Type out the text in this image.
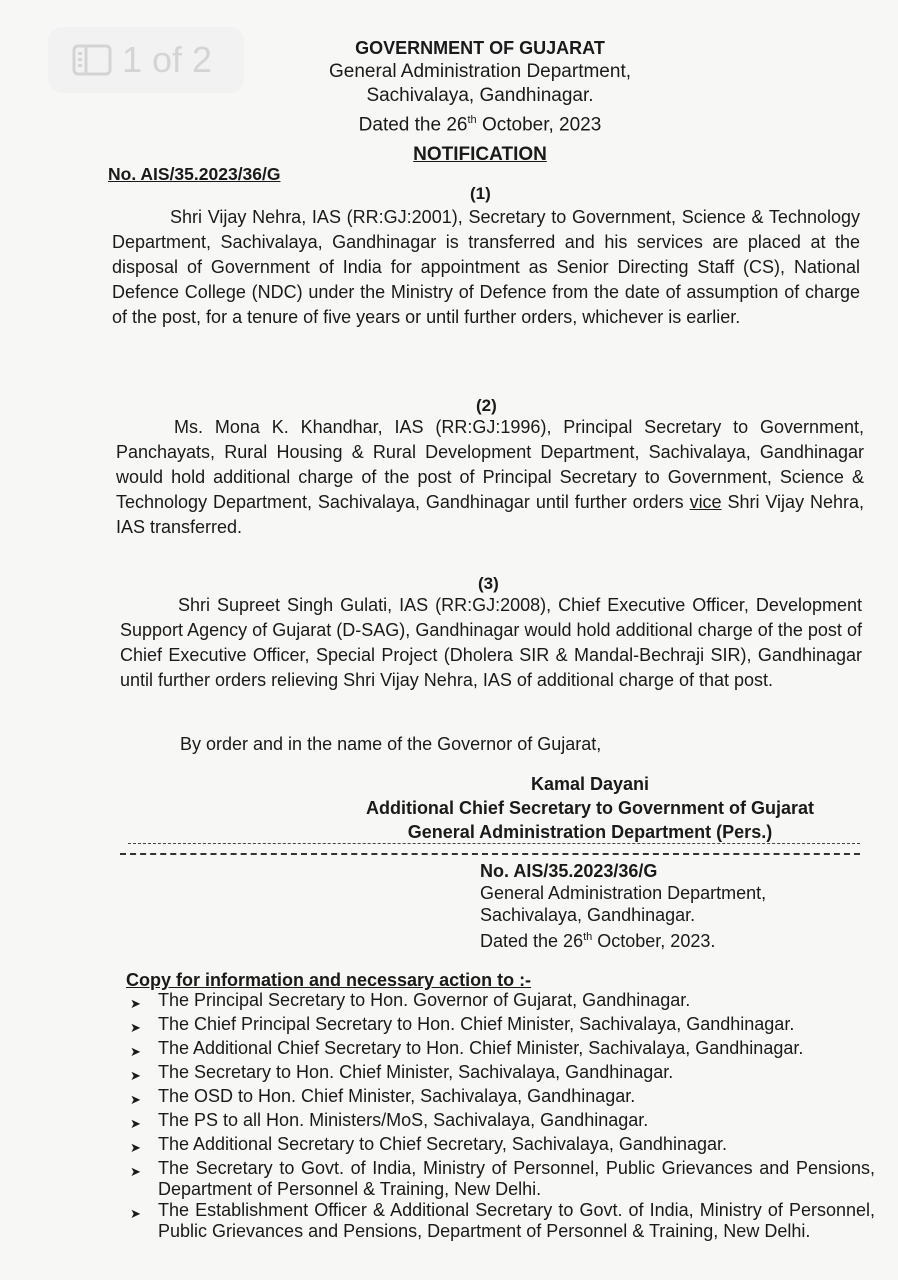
1 of 2	GOVERNMENT OF GUJARAT
General Administration Department,
Sachivalaya, Gandhinagar.
Dated the 26th October, 2023
NOTIFICATION
No. AIS/35.2023/36/G
(1)
Shri Vijay Nehra, IAS (RR:GJ:2001), Secretary to Government, Science & Technology Department, Sachivalaya, Gandhinagar is transferred and his services are placed at the disposal of Government of India for appointment as Senior Directing Staff (CS), National Defence College (NDC) under the Ministry of Defence from the date of assumption of charge of the post, for a tenure of five years or until further orders, whichever is earlier.
(2)
Ms. Mona K. Khandhar, IAS (RR:GJ:1996), Principal Secretary to Government, Panchayats, Rural Housing & Rural Development Department, Sachivalaya, Gandhinagar would hold additional charge of the post of Principal Secretary to Government, Science & Technology Department, Sachivalaya, Gandhinagar until further orders vice Shri Vijay Nehra, IAS transferred.
(3)
Shri Supreet Singh Gulati, IAS (RR:GJ:2008), Chief Executive Officer, Development Support Agency of Gujarat (D-SAG), Gandhinagar would hold additional charge of the post of Chief Executive Officer, Special Project (Dholera SIR & Mandal-Bechraji SIR), Gandhinagar until further orders relieving Shri Vijay Nehra, IAS of additional charge of that post.
By order and in the name of the Governor of Gujarat,
Kamal Dayani
Additional Chief Secretary to Government of Gujarat
General Administration Department (Pers.)
No. AIS/35.2023/36/G
General Administration Department,
Sachivalaya, Gandhinagar.
Dated the 26th October, 2023.
Copy for information and necessary action to :-
➤ The Principal Secretary to Hon. Governor of Gujarat, Gandhinagar.
➤ The Chief Principal Secretary to Hon. Chief Minister, Sachivalaya, Gandhinagar.
➤ The Additional Chief Secretary to Hon. Chief Minister, Sachivalaya, Gandhinagar.
➤ The Secretary to Hon. Chief Minister, Sachivalaya, Gandhinagar.
➤ The OSD to Hon. Chief Minister, Sachivalaya, Gandhinagar.
➤ The PS to all Hon. Ministers/MoS, Sachivalaya, Gandhinagar.
➤ The Additional Secretary to Chief Secretary, Sachivalaya, Gandhinagar.
➤ The Secretary to Govt. of India, Ministry of Personnel, Public Grievances and Pensions, Department of Personnel & Training, New Delhi.
➤ The Establishment Officer & Additional Secretary to Govt. of India, Ministry of Personnel, Public Grievances and Pensions, Department of Personnel & Training, New Delhi.
